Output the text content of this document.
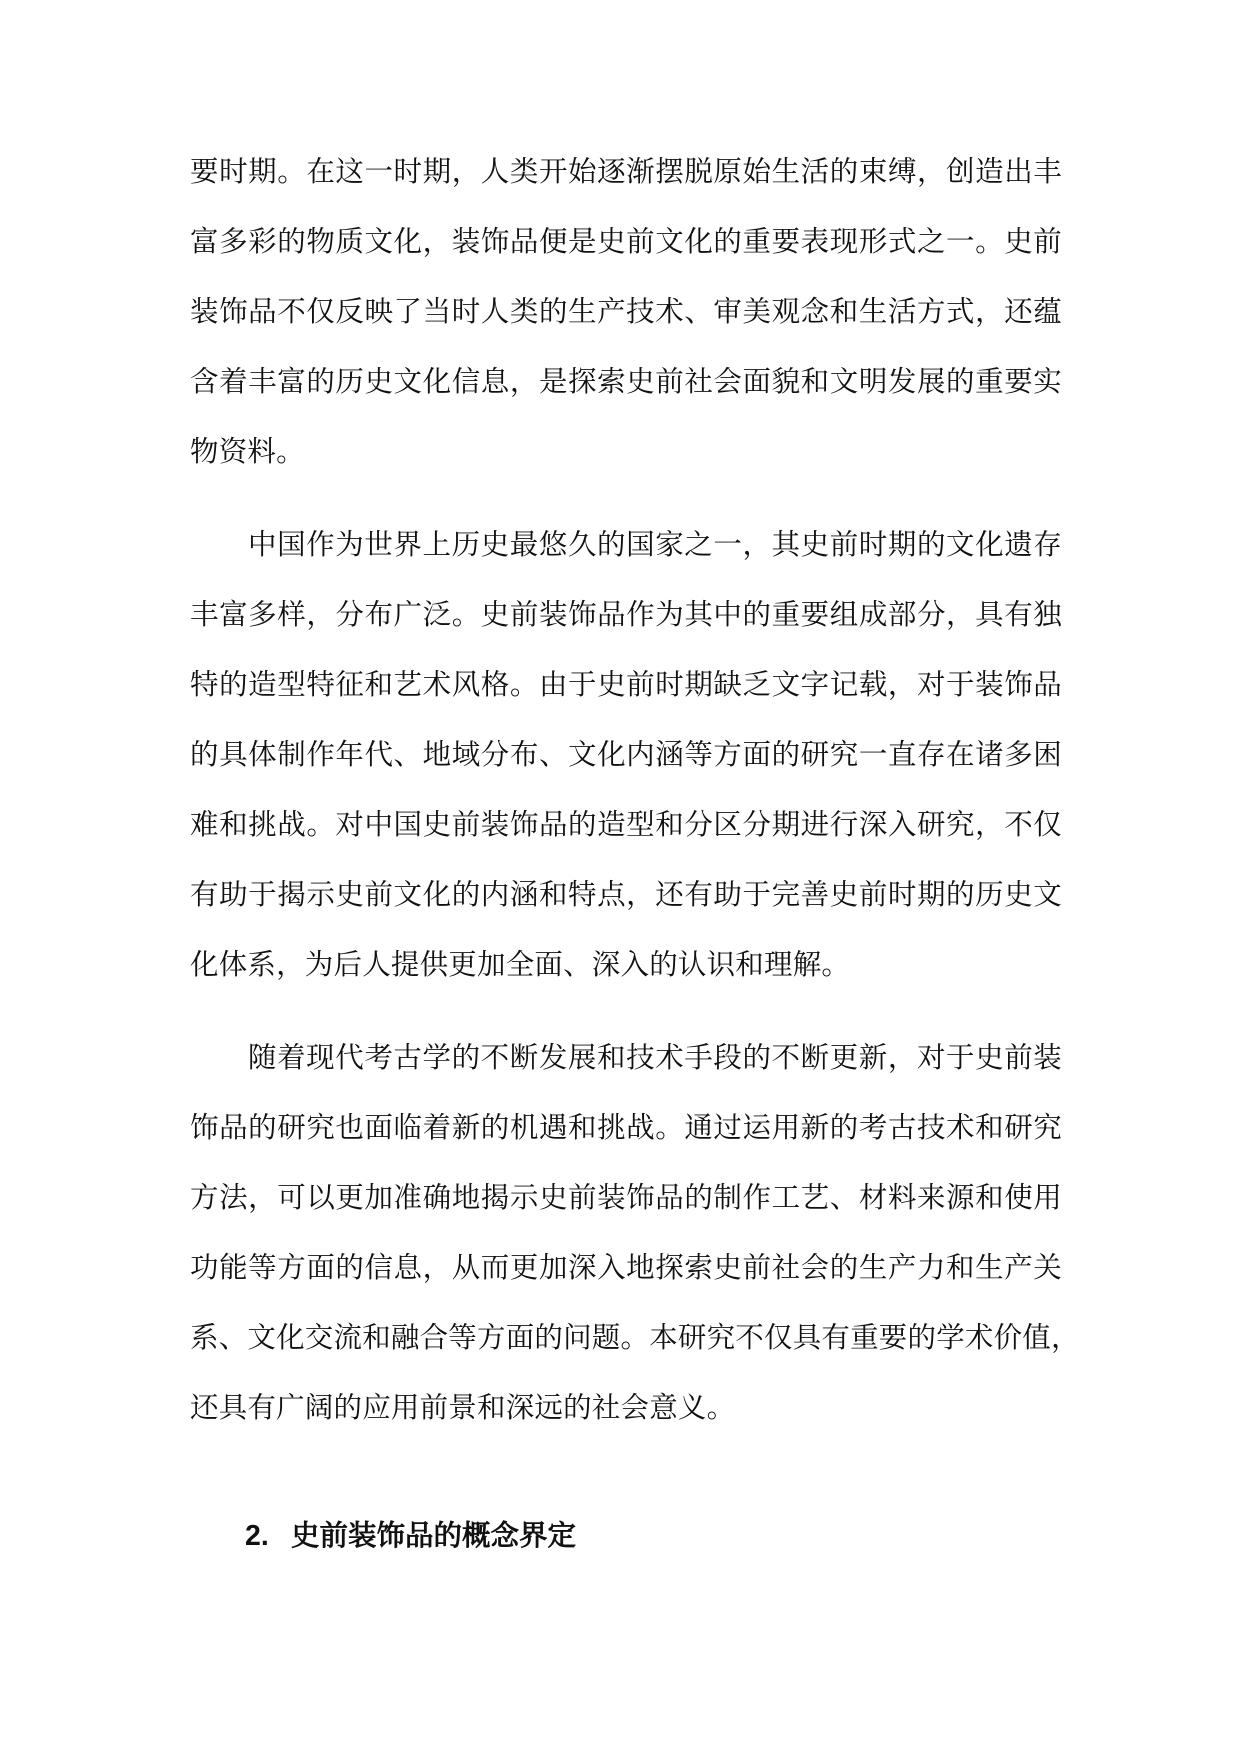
要时期。在这一时期，人类开始逐渐摆脱原始生活的束缚，创造出丰
富多彩的物质文化，装饰品便是史前文化的重要表现形式之一。史前
装饰品不仅反映了当时人类的生产技术、审美观念和生活方式，还蕴
含着丰富的历史文化信息，是探索史前社会面貌和文明发展的重要实
物资料。
中国作为世界上历史最悠久的国家之一，其史前时期的文化遗存
丰富多样，分布广泛。史前装饰品作为其中的重要组成部分，具有独
特的造型特征和艺术风格。由于史前时期缺乏文字记载，对于装饰品
的具体制作年代、地域分布、文化内涵等方面的研究一直存在诸多困
难和挑战。对中国史前装饰品的造型和分区分期进行深入研究，不仅
有助于揭示史前文化的内涵和特点，还有助于完善史前时期的历史文
化体系，为后人提供更加全面、深入的认识和理解。
随着现代考古学的不断发展和技术手段的不断更新，对于史前装
饰品的研究也面临着新的机遇和挑战。通过运用新的考古技术和研究
方法，可以更加准确地揭示史前装饰品的制作工艺、材料来源和使用
功能等方面的信息，从而更加深入地探索史前社会的生产力和生产关
系、文化交流和融合等方面的问题。本研究不仅具有重要的学术价值，
还具有广阔的应用前景和深远的社会意义。
2. 史前装饰品的概念界定
